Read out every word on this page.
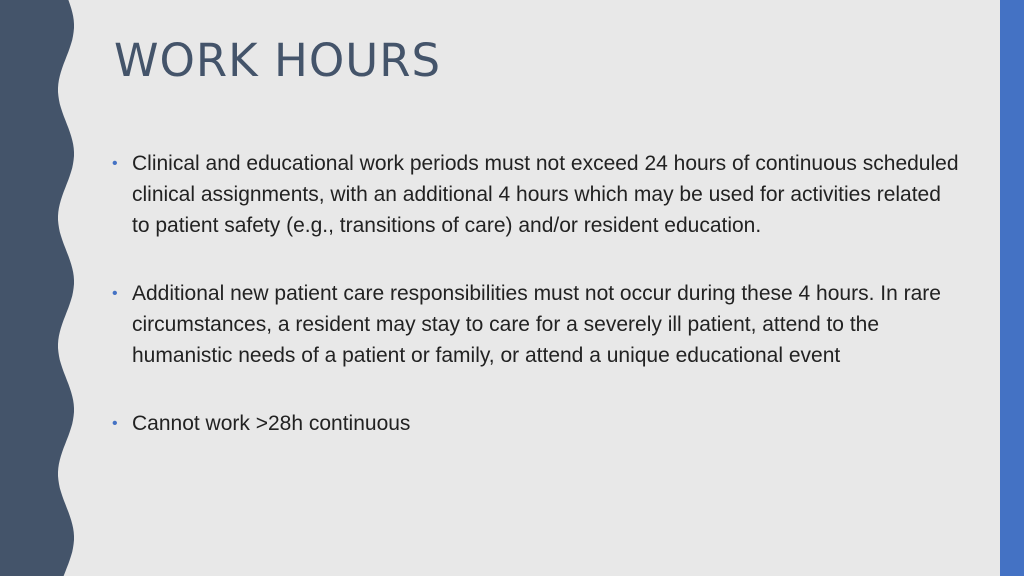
WORK HOURS
• Clinical and educational work periods must not exceed 24 hours of continuous scheduled clinical assignments, with an additional 4 hours which may be used for activities related to patient safety (e.g., transitions of care) and/or resident education.
• Additional new patient care responsibilities must not occur during these 4 hours. In rare circumstances, a resident may stay to care for a severely ill patient, attend to the humanistic needs of a patient or family, or attend a unique educational event
• Cannot work >28h continuous
